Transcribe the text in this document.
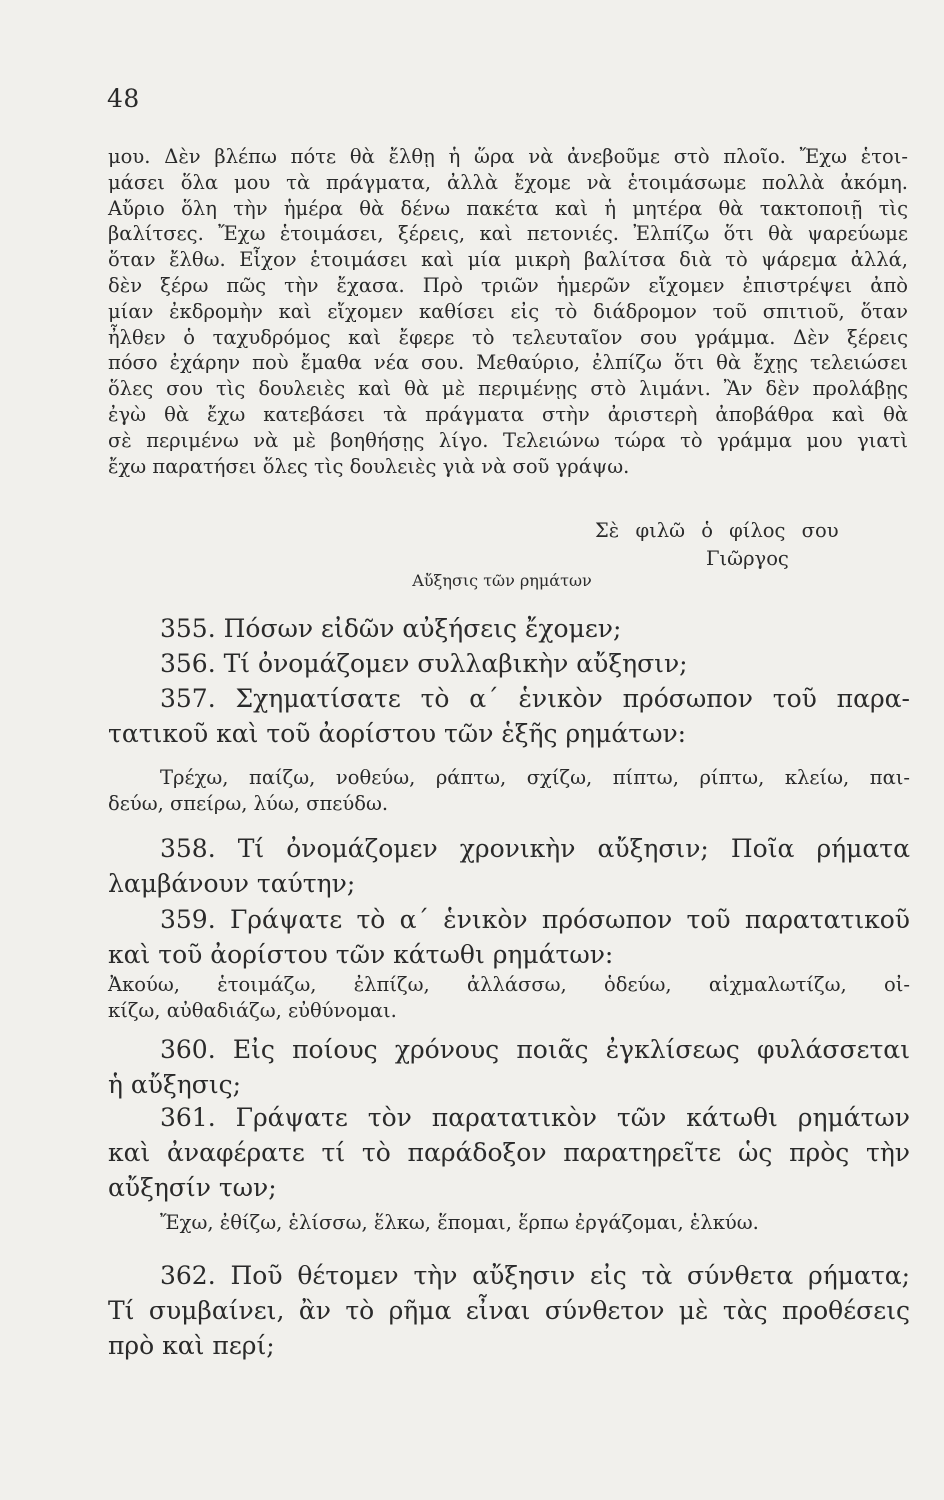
48
μου. Δὲν βλέπω πότε θὰ ἔλθῃ ἡ ὥρα νὰ ἀνεβοῦμε στὸ πλοῖο. Ἔχω ἑτοι-
μάσει ὅλα μου τὰ πράγματα, ἀλλὰ ἔχομε νὰ ἑτοιμάσωμε πολλὰ ἀκόμη.
Αὔριο ὅλη τὴν ἡμέρα θὰ δένω πακέτα καὶ ἡ μητέρα θὰ τακτοποιῇ τὶς
βαλίτσες. Ἔχω ἑτοιμάσει, ξέρεις, καὶ πετονιές. Ἐλπίζω ὅτι θὰ ψαρεύωμε
ὅταν ἔλθω. Εἶχον ἑτοιμάσει καὶ μία μικρὴ βαλίτσα διὰ τὸ ψάρεμα ἀλλά,
δὲν ξέρω πῶς τὴν ἔχασα. Πρὸ τριῶν ἡμερῶν εἴχομεν ἐπιστρέψει ἀπὸ
μίαν ἐκδρομὴν καὶ εἴχομεν καθίσει εἰς τὸ διάδρομον τοῦ σπιτιοῦ, ὅταν
ἦλθεν ὁ ταχυδρόμος καὶ ἔφερε τὸ τελευταῖον σου γράμμα. Δὲν ξέρεις
πόσο ἐχάρην ποὺ ἔμαθα νέα σου. Μεθαύριο, ἐλπίζω ὅτι θὰ ἔχῃς τελειώσει
ὅλες σου τὶς δουλειὲς καὶ θὰ μὲ περιμένῃς στὸ λιμάνι. Ἂν δὲν προλάβῃς
ἐγὼ θὰ ἔχω κατεβάσει τὰ πράγματα στὴν ἀριστερὴ ἀποβάθρα καὶ θὰ
σὲ περιμένω νὰ μὲ βοηθήσῃς λίγο. Τελειώνω τώρα τὸ γράμμα μου γιατὶ
ἔχω παρατήσει ὅλες τὶς δουλειὲς γιὰ νὰ σοῦ γράψω.
Σὲ φιλῶ ὁ φίλος σου
Γιῶργος
Αὔξησις τῶν ρημάτων
355. Πόσων εἰδῶν αὐξήσεις ἔχομεν;
356. Τί ὀνομάζομεν συλλαβικὴν αὔξησιν;
357. Σχηματίσατε τὸ α΄ ἑνικὸν πρόσωπον τοῦ παρα-
τατικοῦ καὶ τοῦ ἀορίστου τῶν ἑξῆς ρημάτων:
Τρέχω, παίζω, νοθεύω, ράπτω, σχίζω, πίπτω, ρίπτω, κλείω, παι-
δεύω, σπείρω, λύω, σπεύδω.
358. Τί ὀνομάζομεν χρονικὴν αὔξησιν; Ποῖα ρήματα
λαμβάνουν ταύτην;
359. Γράψατε τὸ α΄ ἑνικὸν πρόσωπον τοῦ παρατατικοῦ
καὶ τοῦ ἀορίστου τῶν κάτωθι ρημάτων:
Ἀκούω, ἑτοιμάζω, ἐλπίζω, ἀλλάσσω, ὁδεύω, αἰχμαλωτίζω, οἰ-
κίζω, αὐθαδιάζω, εὐθύνομαι.
360. Εἰς ποίους χρόνους ποιᾶς ἐγκλίσεως φυλάσσεται
ἡ αὔξησις;
361. Γράψατε τὸν παρατατικὸν τῶν κάτωθι ρημάτων
καὶ ἀναφέρατε τί τὸ παράδοξον παρατηρεῖτε ὡς πρὸς τὴν
αὔξησίν των;
Ἔχω, ἐθίζω, ἑλίσσω, ἕλκω, ἕπομαι, ἕρπω ἐργάζομαι, ἑλκύω.
362. Ποῦ θέτομεν τὴν αὔξησιν εἰς τὰ σύνθετα ρήματα;
Τί συμβαίνει, ἂν τὸ ρῆμα εἶναι σύνθετον μὲ τὰς προθέσεις
πρὸ καὶ περί;
